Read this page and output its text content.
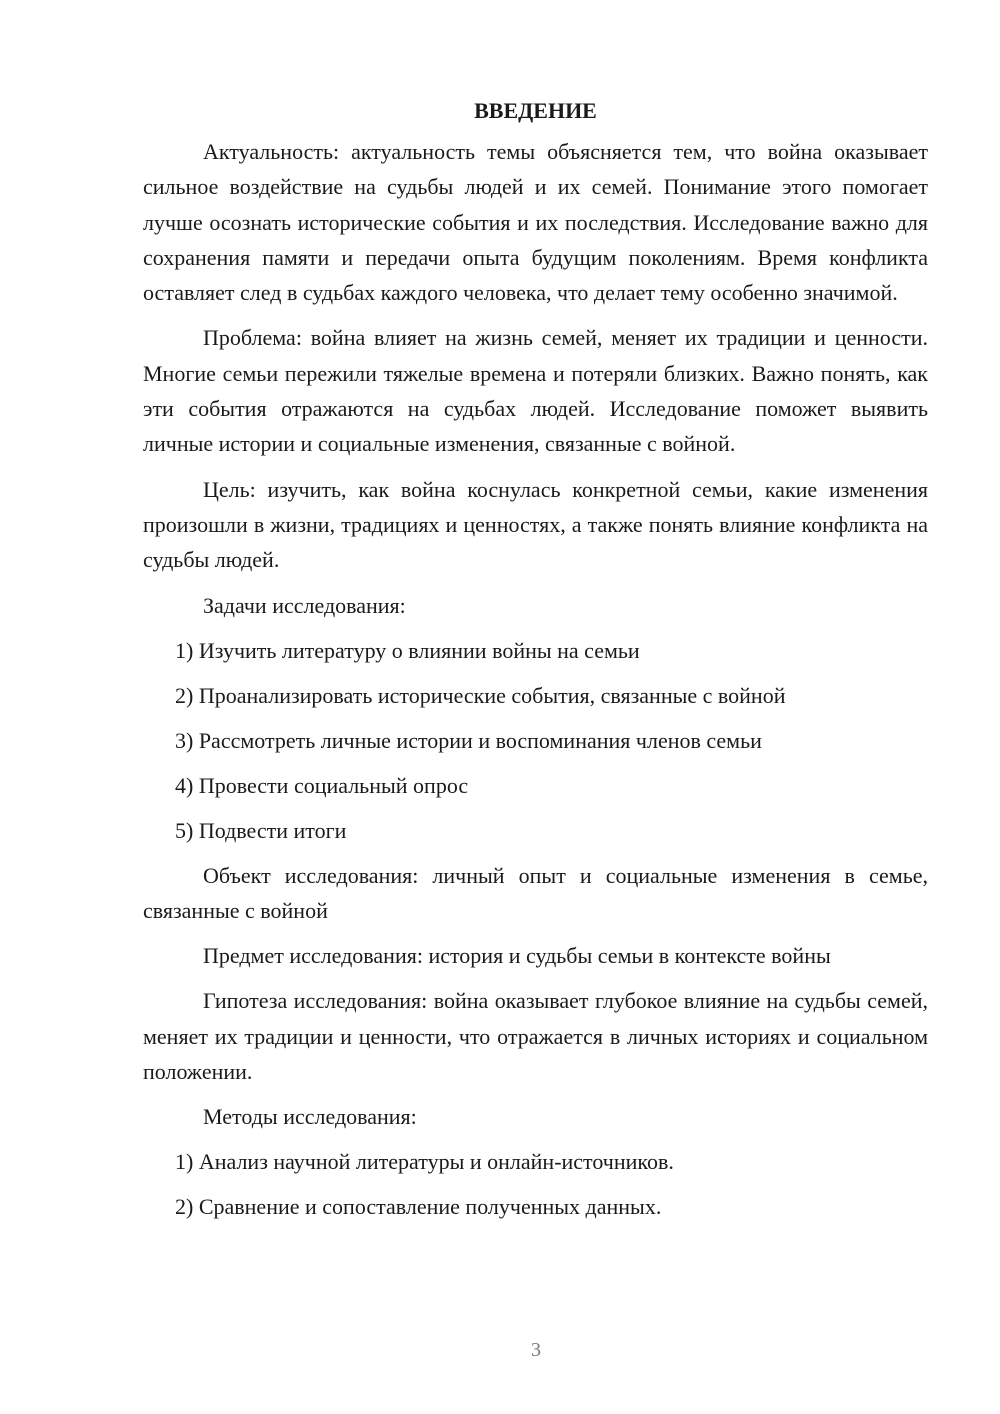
ВВЕДЕНИЕ

Актуальность: актуальность темы объясняется тем, что война оказывает сильное воздействие на судьбы людей и их семей. Понимание этого помогает лучше осознать исторические события и их последствия. Исследование важно для сохранения памяти и передачи опыта будущим поколениям. Время конфликта оставляет след в судьбах каждого человека, что делает тему особенно значимой.

Проблема: война влияет на жизнь семей, меняет их традиции и ценности. Многие семьи пережили тяжелые времена и потеряли близких. Важно понять, как эти события отражаются на судьбах людей. Исследование поможет выявить личные истории и социальные изменения, связанные с войной.

Цель: изучить, как война коснулась конкретной семьи, какие изменения произошли в жизни, традициях и ценностях, а также понять влияние конфликта на судьбы людей.

Задачи исследования:

1) Изучить литературу о влиянии войны на семьи
2) Проанализировать исторические события, связанные с войной
3) Рассмотреть личные истории и воспоминания членов семьи
4) Провести социальный опрос
5) Подвести итоги

Объект исследования: личный опыт и социальные изменения в семье, связанные с войной

Предмет исследования: история и судьбы семьи в контексте войны

Гипотеза исследования: война оказывает глубокое влияние на судьбы семей, меняет их традиции и ценности, что отражается в личных историях и социальном положении.

Методы исследования:

1) Анализ научной литературы и онлайн-источников.
2) Сравнение и сопоставление полученных данных.
3
